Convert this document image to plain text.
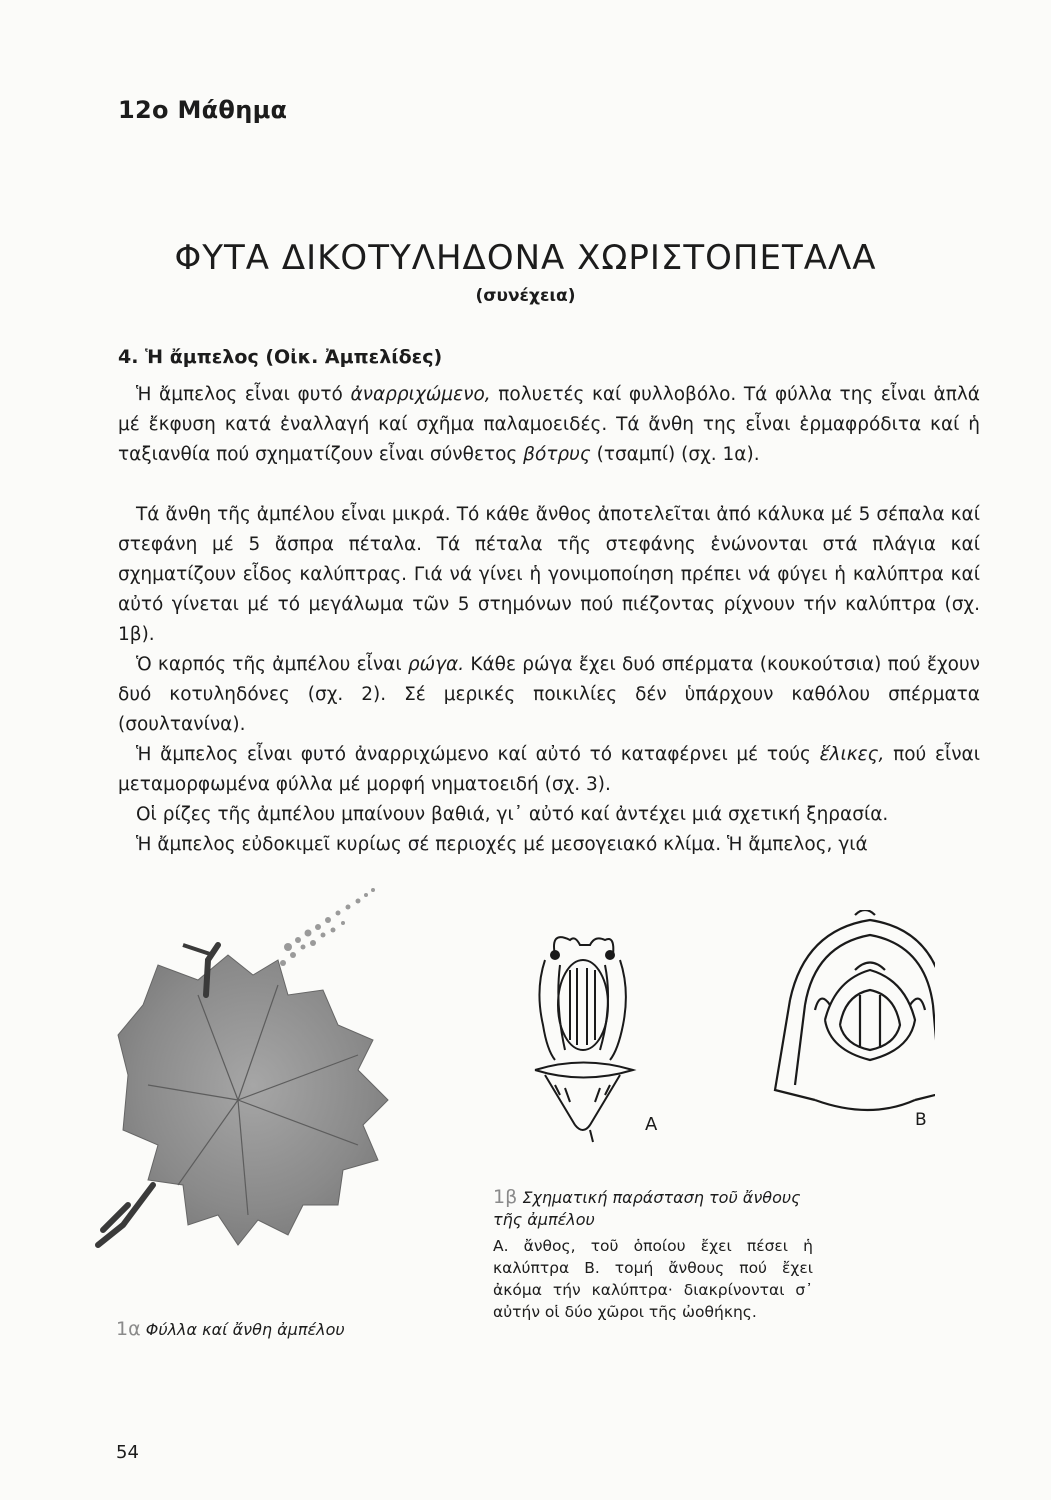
12ο Μάθημα
ΦΥΤΑ ΔΙΚΟΤΥΛΗΔΟΝΑ ΧΩΡΙΣΤΟΠΕΤΑΛΑ
(συνέχεια)
4. Ἡ ἄμπελος (Οἰκ. Ἀμπελίδες)
Ἡ ἄμπελος εἶναι φυτό ἀναρριχώμενο, πολυετές καί φυλλοβόλο. Τά φύλλα της εἶναι ἁπλά μέ ἔκφυση κατά ἐναλλαγή καί σχῆμα παλαμοειδές. Τά ἄνθη της εἶναι ἑρμαφρόδιτα καί ἡ ταξιανθία πού σχηματίζουν εἶναι σύνθετος βότρυς (τσαμπί) (σχ. 1α).
Τά ἄνθη τῆς ἀμπέλου εἶναι μικρά. Τό κάθε ἄνθος ἀποτελεῖται ἀπό κάλυκα μέ 5 σέπαλα καί στεφάνη μέ 5 ἄσπρα πέταλα. Τά πέταλα τῆς στεφάνης ἑνώνονται στά πλάγια καί σχηματίζουν εἶδος καλύπτρας. Γιά νά γίνει ἡ γονιμοποίηση πρέπει νά φύγει ἡ καλύπτρα καί αὐτό γίνεται μέ τό μεγάλωμα τῶν 5 στημόνων πού πιέζοντας ρίχνουν τήν καλύπτρα (σχ. 1β).
Ὁ καρπός τῆς ἀμπέλου εἶναι ρώγα. Κάθε ρώγα ἔχει δυό σπέρματα (κουκούτσια) πού ἔχουν δυό κοτυληδόνες (σχ. 2). Σέ μερικές ποικιλίες δέν ὑπάρχουν καθόλου σπέρματα (σουλτανίνα).
Ἡ ἄμπελος εἶναι φυτό ἀναρριχώμενο καί αὐτό τό καταφέρνει μέ τούς ἕλικες, πού εἶναι μεταμορφωμένα φύλλα μέ μορφή νηματοειδή (σχ. 3).
Οἱ ρίζες τῆς ἀμπέλου μπαίνουν βαθιά, γι᾿ αὐτό καί ἀντέχει μιά σχετική ξηρασία.
Ἡ ἄμπελος εὐδοκιμεῖ κυρίως σέ περιοχές μέ μεσογειακό κλίμα. Ἡ ἄμπελος, γιά
Α	Β
1β Σχηματική παράσταση τοῦ ἄνθους τῆς ἀμπέλου
Α. ἄνθος, τοῦ ὁποίου ἔχει πέσει ἡ καλύπτρα Β. τομή ἄνθους πού ἔχει ἀκόμα τήν καλύπτρα· διακρίνονται σ᾿ αὐτήν οἱ δύο χῶροι τῆς ὠοθήκης.
1α Φύλλα καί ἄνθη ἀμπέλου
54
